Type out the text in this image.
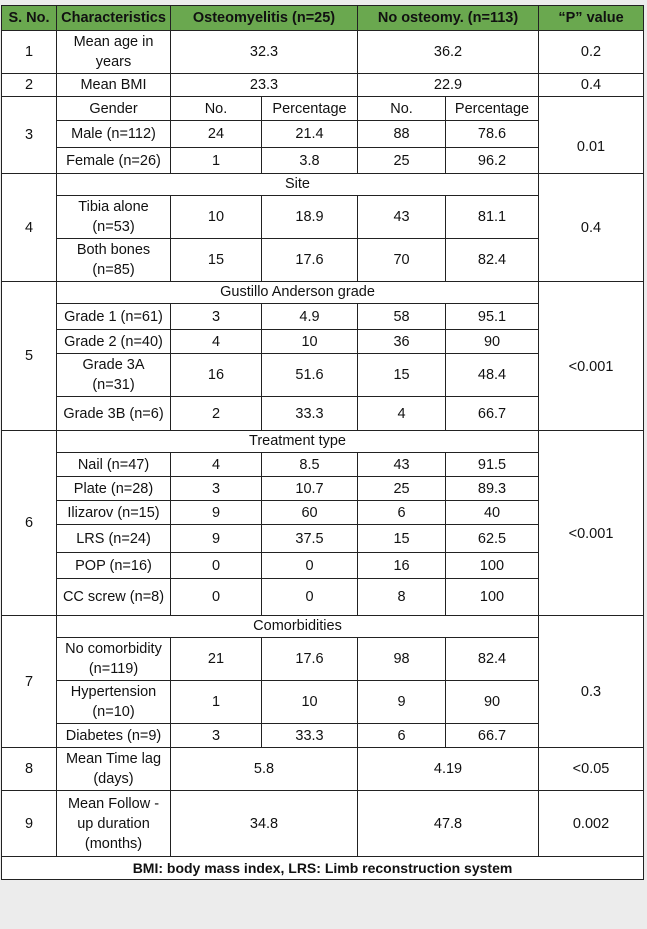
S. No.	Characteristics	Osteomyelitis (n=25)		No osteomy. (n=113)		“P” value
1	Mean age in years	32.3		36.2		0.2
2	Mean BMI	23.3		22.9		0.4
3	Gender	No.	Percentage	No.	Percentage	
	Male (n=112)	24	21.4	88	78.6	0.01
	Female (n=26)	1	3.8	25	96.2	
4	Site					0.4
	Tibia alone (n=53)	10	18.9	43	81.1	
	Both bones (n=85)	15	17.6	70	82.4	
5	Gustillo Anderson grade					
	Grade 1 (n=61)	3	4.9	58	95.1	<0.001
	Grade 2 (n=40)	4	10	36	90	
	Grade 3A (n=31)	16	51.6	15	48.4	
	Grade 3B (n=6)	2	33.3	4	66.7	
6	Treatment type					
	Nail (n=47)	4	8.5	43	91.5	<0.001
	Plate (n=28)	3	10.7	25	89.3	
	Ilizarov (n=15)	9	60	6	40	
	LRS (n=24)	9	37.5	15	62.5	
	POP (n=16)	0	0	16	100	
	CC screw (n=8)	0	0	8	100	
7	Comorbidities					
	No comorbidity (n=119)	21	17.6	98	82.4	0.3
	Hypertension (n=10)	1	10	9	90	
	Diabetes (n=9)	3	33.3	6	66.7	
8	Mean Time lag (days)	5.8		4.19		<0.05
9	Mean Follow -up duration (months)	34.8		47.8		0.002
BMI: body mass index, LRS: Limb reconstruction system						
